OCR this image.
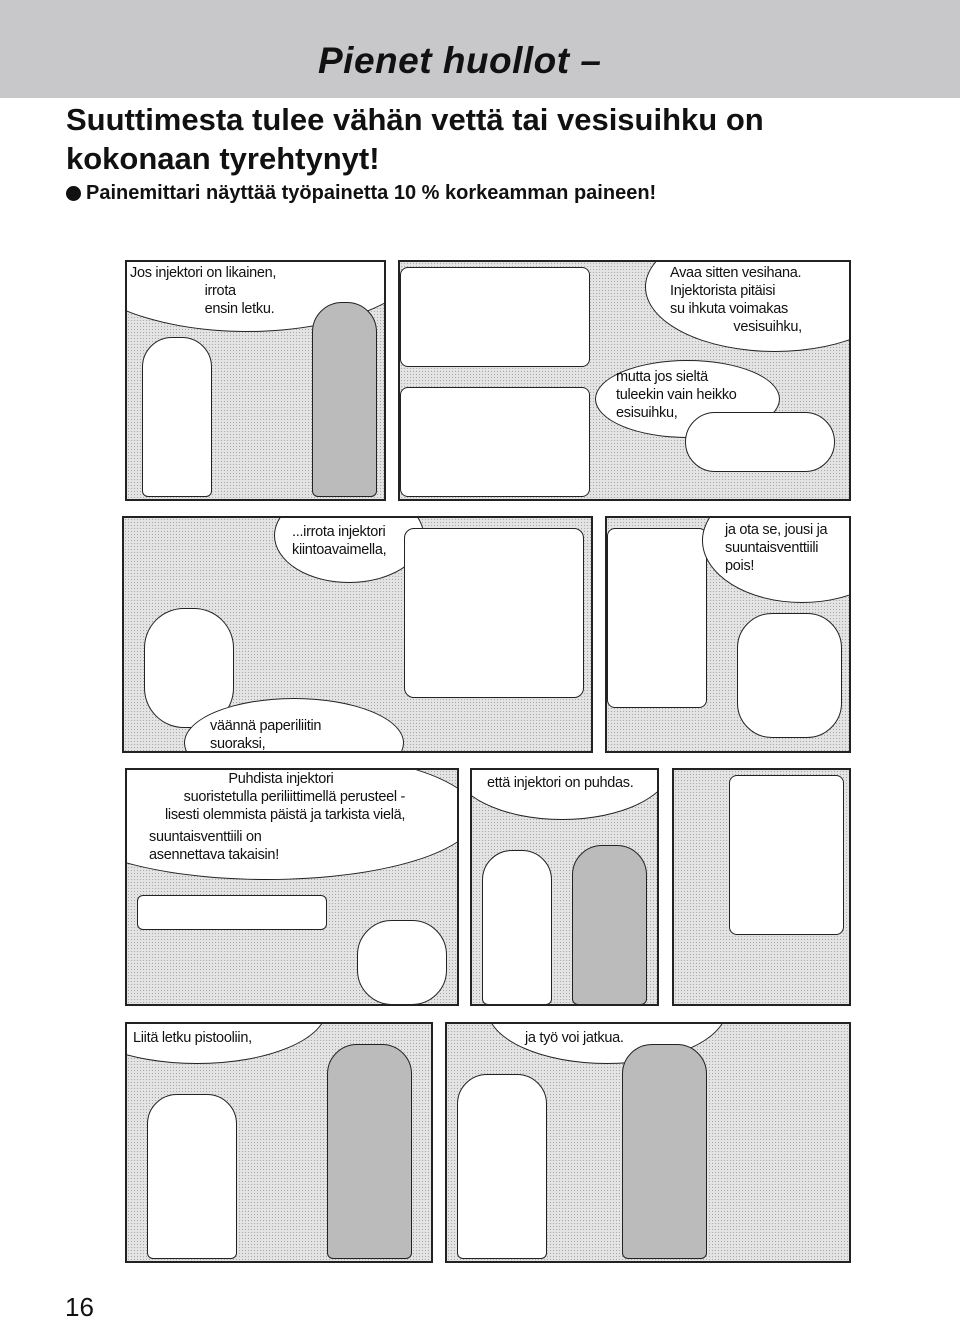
Pienet huollot –
Suuttimesta tulee vähän vettä tai vesisuihku on kokonaan tyrehtynyt!
Painemittari näyttää työpainetta 10 % korkeamman paineen!
Jos injektori on likainen,
irrota
ensin letku.
Avaa sitten vesihana.
Injektorista pitäisi
su ihkuta voimakas
vesisuihku,
mutta jos sieltä
tuleekin vain heikko
esisuihku,
...irrota injektori
kiintoavaimella,
väännä paperiliitin
suoraksi,
ja ota se, jousi ja
suuntaisventtiili
pois!
Puhdista injektori
suoristetulla periliittimellä perusteel -
lisesti olemmista päistä ja tarkista vielä,
suuntaisventtiili on
asennettava takaisin!
että injektori on puhdas.
Liitä letku pistooliin,	ja työ voi jatkua.
16
